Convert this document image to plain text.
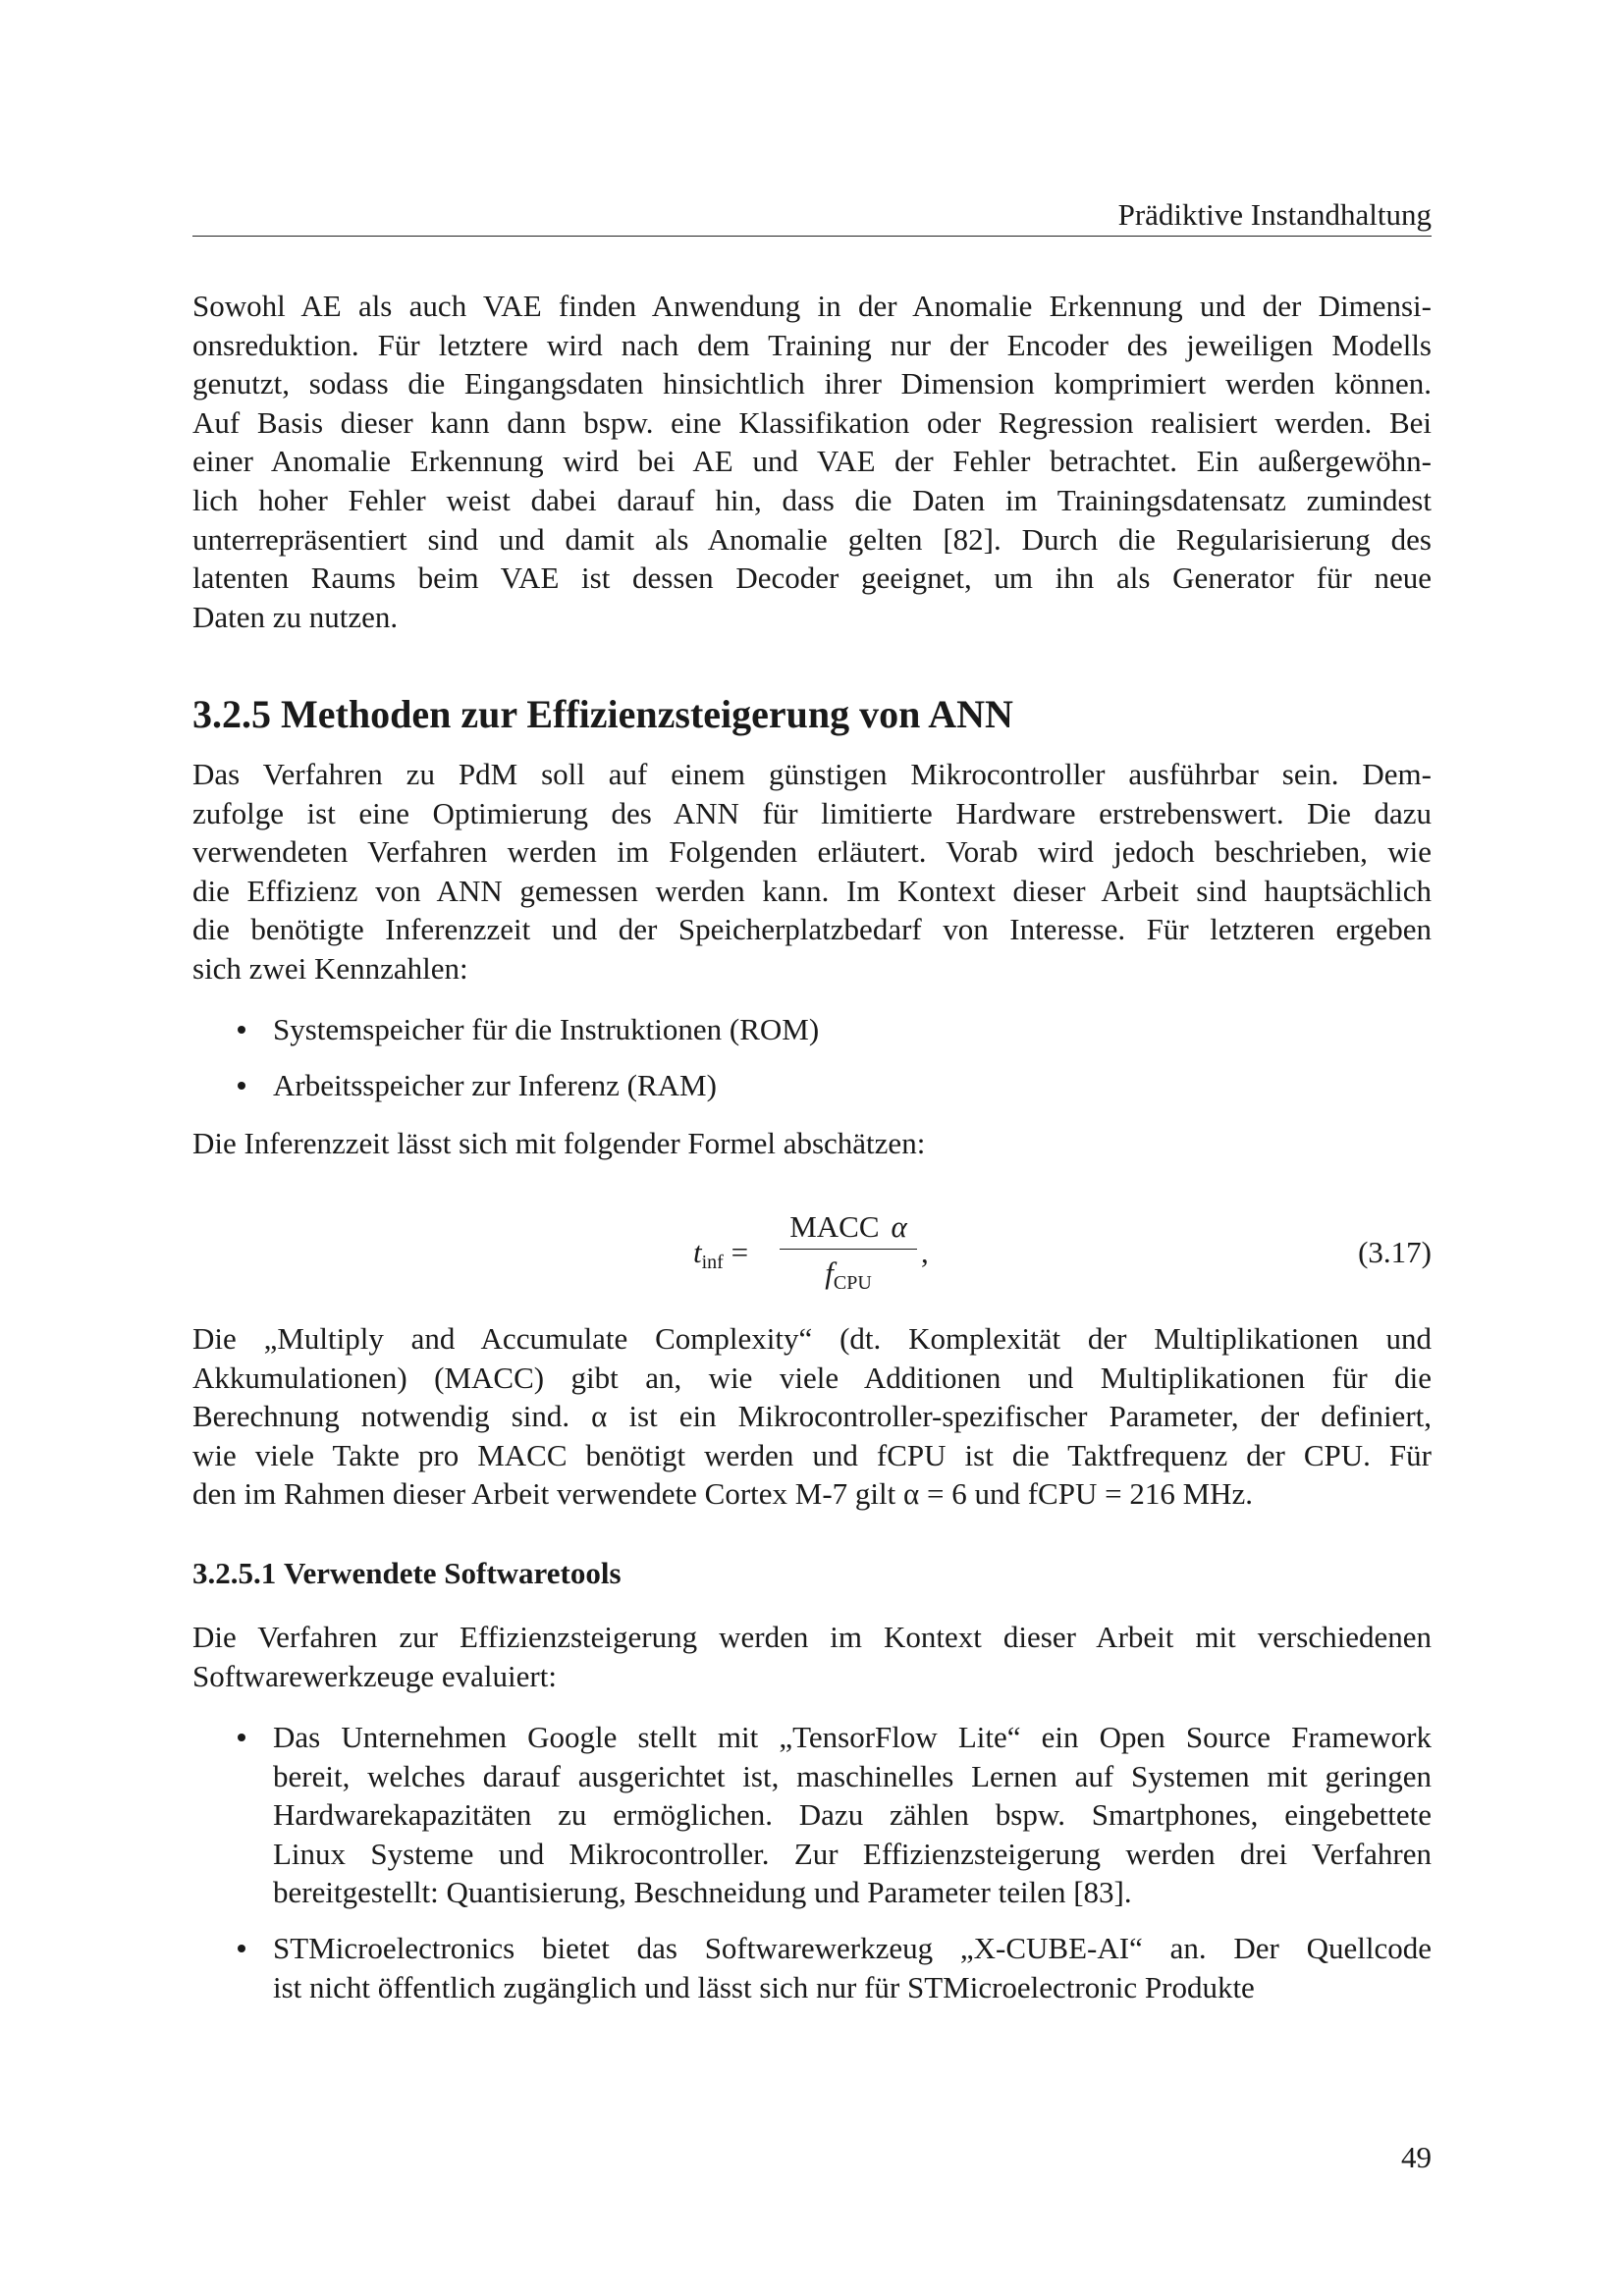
Prädiktive Instandhaltung
Sowohl AE als auch VAE finden Anwendung in der Anomalie Erkennung und der Dimensi-
onsreduktion. Für letztere wird nach dem Training nur der Encoder des jeweiligen Modells
genutzt, sodass die Eingangsdaten hinsichtlich ihrer Dimension komprimiert werden können.
Auf Basis dieser kann dann bspw. eine Klassifikation oder Regression realisiert werden. Bei
einer Anomalie Erkennung wird bei AE und VAE der Fehler betrachtet. Ein außergewöhn-
lich hoher Fehler weist dabei darauf hin, dass die Daten im Trainingsdatensatz zumindest
unterrepräsentiert sind und damit als Anomalie gelten [82]. Durch die Regularisierung des
latenten Raums beim VAE ist dessen Decoder geeignet, um ihn als Generator für neue
Daten zu nutzen.
3.2.5 Methoden zur Effizienzsteigerung von ANN
Das Verfahren zu PdM soll auf einem günstigen Mikrocontroller ausführbar sein. Dem-
zufolge ist eine Optimierung des ANN für limitierte Hardware erstrebenswert. Die dazu
verwendeten Verfahren werden im Folgenden erläutert. Vorab wird jedoch beschrieben, wie
die Effizienz von ANN gemessen werden kann. Im Kontext dieser Arbeit sind hauptsächlich
die benötigte Inferenzzeit und der Speicherplatzbedarf von Interesse. Für letzteren ergeben
sich zwei Kennzahlen:
Systemspeicher für die Instruktionen (ROM)
Arbeitsspeicher zur Inferenz (RAM)
Die Inferenzzeit lässt sich mit folgender Formel abschätzen:
$t_{inf}$ =
MACC α
$f_{CPU}$
,	(3.17)
Die „Multiply and Accumulate Complexity“ (dt. Komplexität der Multiplikationen und
Akkumulationen) (MACC) gibt an, wie viele Additionen und Multiplikationen für die
Berechnung notwendig sind. α ist ein Mikrocontroller-spezifischer Parameter, der definiert,
wie viele Takte pro MACC benötigt werden und fCPU ist die Taktfrequenz der CPU. Für
den im Rahmen dieser Arbeit verwendete Cortex M-7 gilt α = 6 und fCPU = 216 MHz.
3.2.5.1 Verwendete Softwaretools
Die Verfahren zur Effizienzsteigerung werden im Kontext dieser Arbeit mit verschiedenen
Softwarewerkzeuge evaluiert:
Das Unternehmen Google stellt mit „TensorFlow Lite“ ein Open Source Framework
bereit, welches darauf ausgerichtet ist, maschinelles Lernen auf Systemen mit geringen
Hardwarekapazitäten zu ermöglichen. Dazu zählen bspw. Smartphones, eingebettete
Linux Systeme und Mikrocontroller. Zur Effizienzsteigerung werden drei Verfahren
bereitgestellt: Quantisierung, Beschneidung und Parameter teilen [83].
STMicroelectronics bietet das Softwarewerkzeug „X-CUBE-AI“ an. Der Quellcode
ist nicht öffentlich zugänglich und lässt sich nur für STMicroelectronic Produkte
49
